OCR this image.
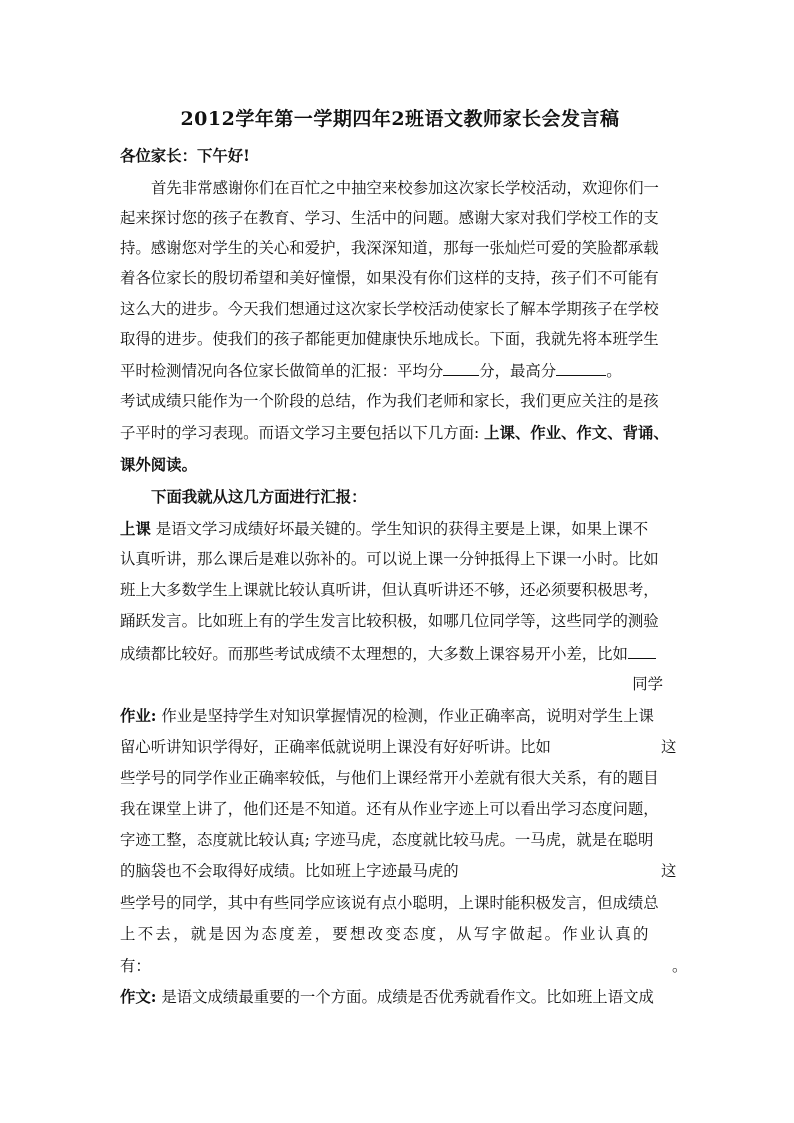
2012学年第一学期四年2班语文教师家长会发言稿
各位家长：下午好!
首先非常感谢你们在百忙之中抽空来校参加这次家长学校活动，欢迎你们一
起来探讨您的孩子在教育、学习、生活中的问题。感谢大家对我们学校工作的支
持。感谢您对学生的关心和爱护，我深深知道，那每一张灿烂可爱的笑脸都承载
着各位家长的殷切希望和美好憧憬，如果没有你们这样的支持，孩子们不可能有
这么大的进步。今天我们想通过这次家长学校活动使家长了解本学期孩子在学校
取得的进步。使我们的孩子都能更加健康快乐地成长。下面，我就先将本班学生
平时检测情况向各位家长做简单的汇报：平均分 分，最高分	。
考试成绩只能作为一个阶段的总结，作为我们老师和家长，我们更应关注的是孩
子平时的学习表现。而语文学习主要包括以下几方面: 上课、作业、作文、背诵、
课外阅读。
下面我就从这几方面进行汇报：
上课 是语文学习成绩好坏最关键的。学生知识的获得主要是上课，如果上课不
认真听讲，那么课后是难以弥补的。可以说上课一分钟抵得上下课一小时。比如
班上大多数学生上课就比较认真听讲，但认真听讲还不够，还必须要积极思考，
踊跃发言。比如班上有的学生发言比较积极，如哪几位同学等，这些同学的测验
成绩都比较好。而那些考试成绩不太理想的，大多数上课容易开小差，比如
同学
作业: 作业是坚持学生对知识掌握情况的检测，作业正确率高，说明对学生上课
留心听讲知识学得好，正确率低就说明上课没有好好听讲。比如	这
些学号的同学作业正确率较低，与他们上课经常开小差就有很大关系，有的题目
我在课堂上讲了，他们还是不知道。还有从作业字迹上可以看出学习态度问题，
字迹工整，态度就比较认真; 字迹马虎，态度就比较马虎。一马虎，就是在聪明
的脑袋也不会取得好成绩。比如班上字迹最马虎的	这
些学号的同学，其中有些同学应该说有点小聪明，上课时能积极发言，但成绩总
上不去，就是因为态度差，要想改变态度，从写字做起。作业认真的
有：	。
作文: 是语文成绩最重要的一个方面。成绩是否优秀就看作文。比如班上语文成
